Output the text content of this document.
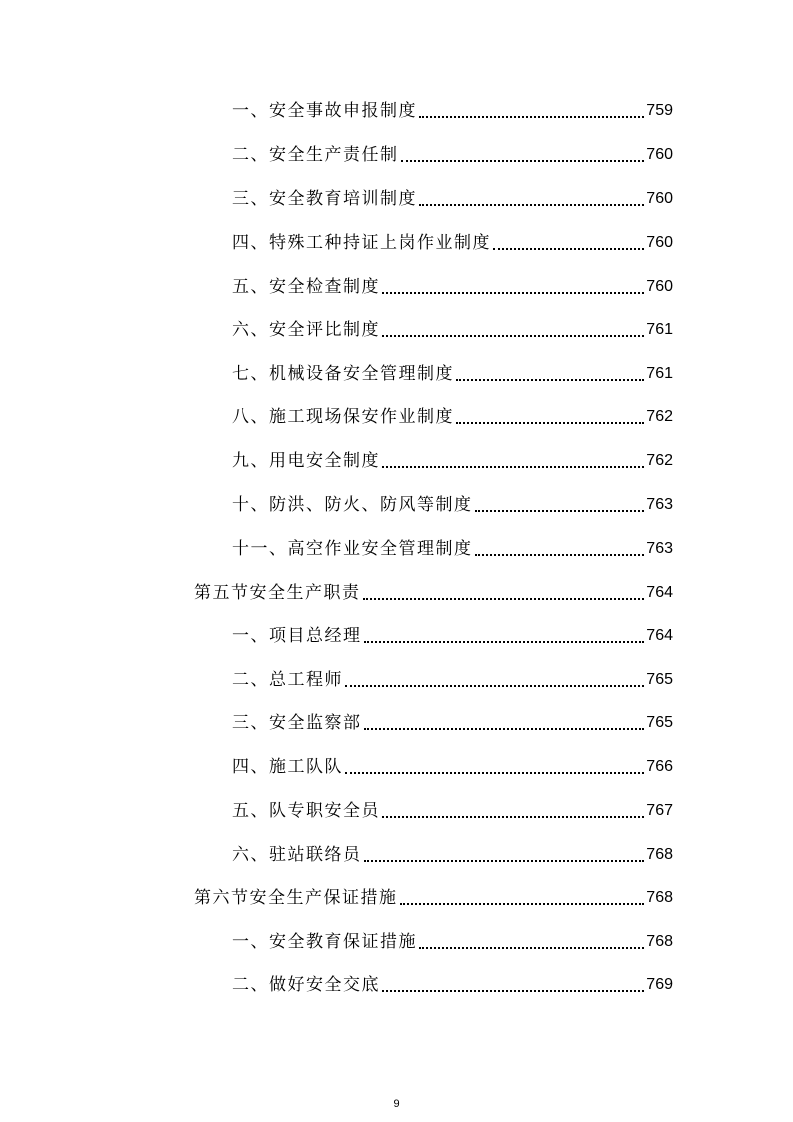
一、安全事故申报制度	759
二、安全生产责任制	760
三、安全教育培训制度	760
四、特殊工种持证上岗作业制度	760
五、安全检查制度	760
六、安全评比制度	761
七、机械设备安全管理制度	761
八、施工现场保安作业制度	762
九、用电安全制度	762
十、防洪、防火、防风等制度	763
十一、高空作业安全管理制度	763
第五节安全生产职责	764
一、项目总经理	764
二、总工程师	765
三、安全监察部	765
四、施工队队	766
五、队专职安全员	767
六、驻站联络员	768
第六节安全生产保证措施	768
一、安全教育保证措施	768
二、做好安全交底	769
9
